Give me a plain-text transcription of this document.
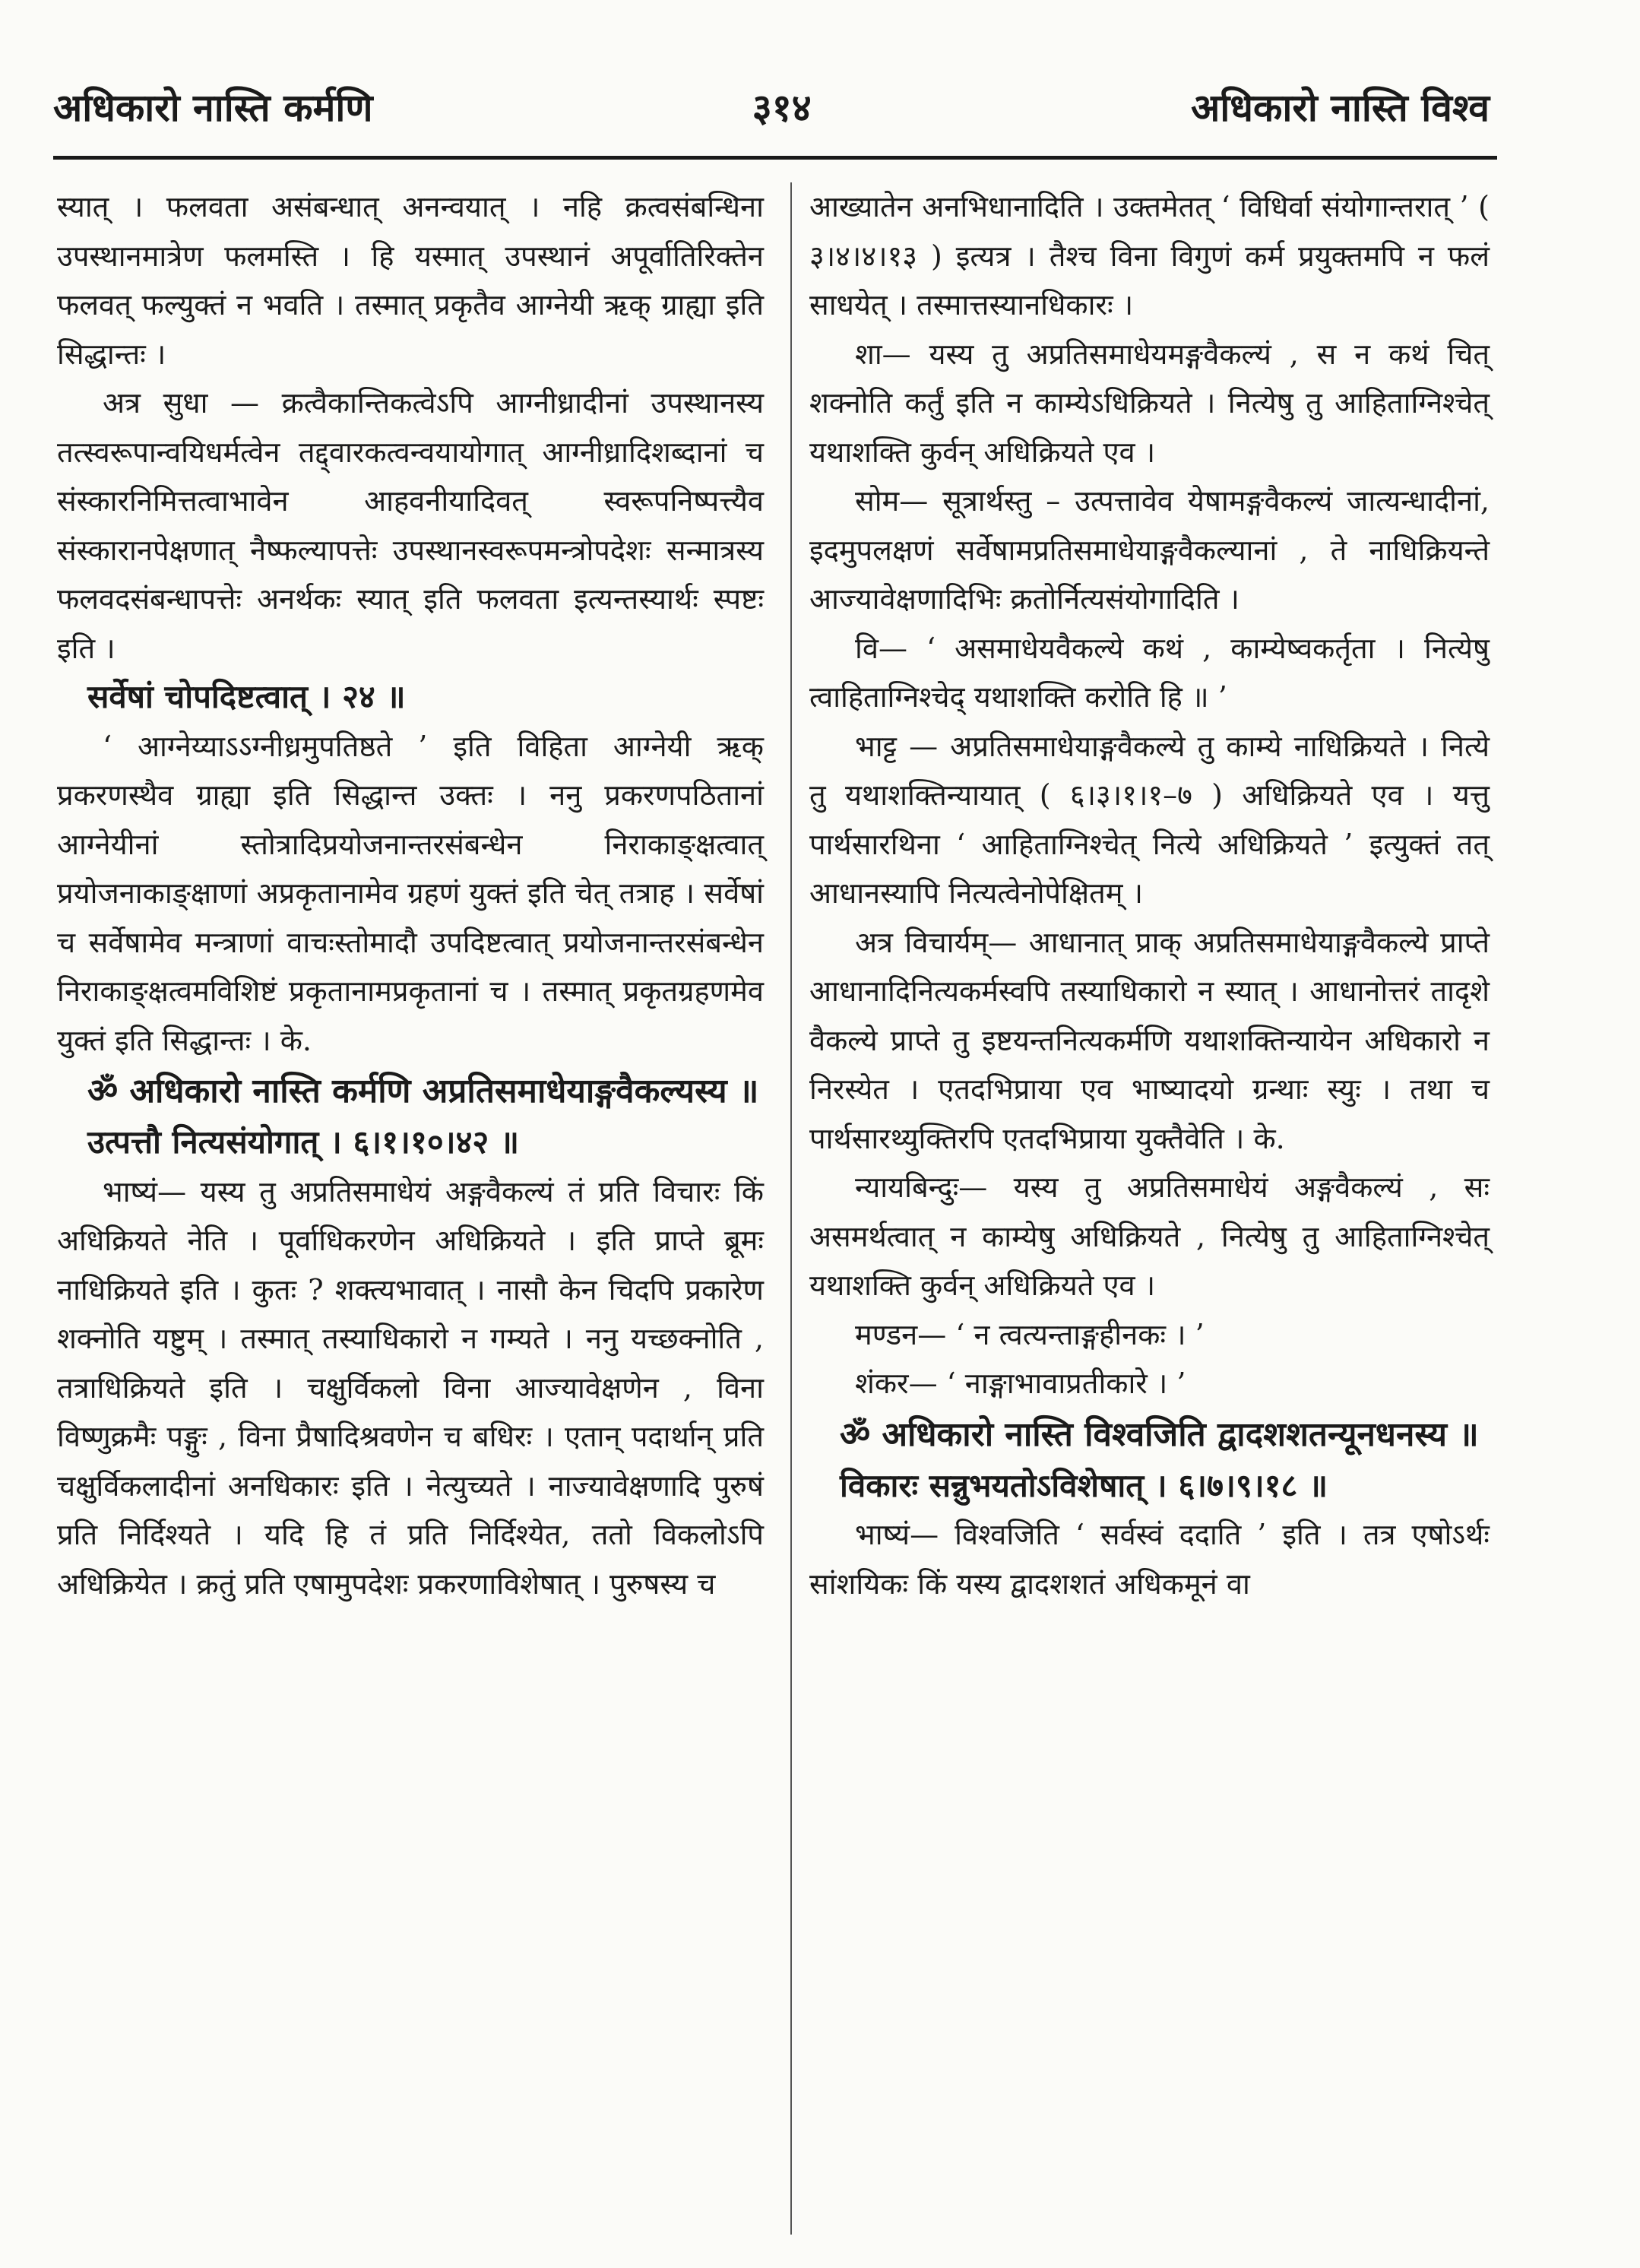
अधिकारो नास्ति कर्मणि	३१४	अधिकारो नास्ति विश्व

स्यात् । फलवता असंबन्धात् अनन्वयात् । नहि क्रत्वसंबन्धिना उपस्थानमात्रेण फलमस्ति । हि यस्मात् उपस्थानं अपूर्वातिरिक्तेन फलवत् फल्युक्तं न भवति । तस्मात् प्रकृतैव आग्नेयी ऋक् ग्राह्या इति सिद्धान्तः ।

अत्र सुधा — क्रत्वैकान्तिकत्वेऽपि आग्नीध्रादीनां उपस्थानस्य तत्स्वरूपान्वयिधर्मत्वेन तद्द्वारकत्वन्वयायोगात् आग्नीध्रादिशब्दानां च संस्कारनिमित्तत्वाभावेन आहवनीयादिवत् स्वरूपनिष्पत्त्यैव संस्कारानपेक्षणात् नैष्फल्यापत्तेः उपस्थानस्वरूपमन्त्रोपदेशः सन्मात्रस्य फलवदसंबन्धापत्तेः अनर्थकः स्यात् इति फलवता इत्यन्तस्यार्थः स्पष्टः इति ।

सर्वेषां चोपदिष्टत्वात् । २४ ॥

‘ आग्नेय्याऽऽग्नीध्रमुपतिष्ठते ’ इति विहिता आग्नेयी ऋक् प्रकरणस्थैव ग्राह्या इति सिद्धान्त उक्तः । ननु प्रकरणपठितानां आग्नेयीनां स्तोत्रादिप्रयोजनान्तरसंबन्धेन निराकाङ्क्षत्वात् प्रयोजनाकाङ्क्षाणां अप्रकृतानामेव ग्रहणं युक्तं इति चेत् तत्राह । सर्वेषां च सर्वेषामेव मन्त्राणां वाचःस्तोमादौ उपदिष्टत्वात् प्रयोजनान्तरसंबन्धेन निराकाङ्क्षत्वमविशिष्टं प्रकृतानामप्रकृतानां च । तस्मात् प्रकृतग्रहणमेव युक्तं इति सिद्धान्तः । के.

ॐ अधिकारो नास्ति कर्मणि अप्रतिसमाधेयाङ्गवैकल्यस्य ॥

उत्पत्तौ नित्यसंयोगात् । ६।१।१०।४२ ॥

भाष्यं— यस्य तु अप्रतिसमाधेयं अङ्गवैकल्यं तं प्रति विचारः किं अधिक्रियते नेति । पूर्वाधिकरणेन अधिक्रियते । इति प्राप्ते ब्रूमः नाधिक्रियते इति । कुतः ? शक्त्यभावात् । नासौ केन चिदपि प्रकारेण शक्नोति यष्टुम् । तस्मात् तस्याधिकारो न गम्यते । ननु यच्छक्नोति , तत्राधिक्रियते इति । चक्षुर्विकलो विना आज्यावेक्षणेन , विना विष्णुक्रमैः पङ्गुः , विना प्रैषादिश्रवणेन च बधिरः । एतान् पदार्थान् प्रति चक्षुर्विकलादीनां अनधिकारः इति । नेत्युच्यते । नाज्यावेक्षणादि पुरुषं प्रति निर्दिश्यते । यदि हि तं प्रति निर्दिश्येत, ततो विकलोऽपि अधिक्रियेत । क्रतुं प्रति एषामुपदेशः प्रकरणाविशेषात् । पुरुषस्य च

आख्यातेन अनभिधानादिति । उक्तमेतत् ‘ विधिर्वा संयोगान्तरात् ’ ( ३।४।४।१३ ) इत्यत्र । तैश्च विना विगुणं कर्म प्रयुक्तमपि न फलं साधयेत् । तस्मात्तस्यानधिकारः ।

शा— यस्य तु अप्रतिसमाधेयमङ्गवैकल्यं , स न कथं चित् शक्नोति कर्तुं इति न काम्येऽधिक्रियते । नित्येषु तु आहिताग्निश्चेत् यथाशक्ति कुर्वन् अधिक्रियते एव ।

सोम— सूत्रार्थस्तु – उत्पत्तावेव येषामङ्गवैकल्यं जात्यन्धादीनां, इदमुपलक्षणं सर्वेषामप्रतिसमाधेयाङ्गवैकल्यानां , ते नाधिक्रियन्ते आज्यावेक्षणादिभिः क्रतोर्नित्यसंयोगादिति ।

वि— ‘ असमाधेयवैकल्ये कथं , काम्येष्वकर्तृता । नित्येषु त्वाहिताग्निश्चेद् यथाशक्ति करोति हि ॥ ’

भाट्ट — अप्रतिसमाधेयाङ्गवैकल्ये तु काम्ये नाधिक्रियते । नित्ये तु यथाशक्तिन्यायात् ( ६।३।१।१–७ ) अधिक्रियते एव । यत्तु पार्थसारथिना ‘ आहिताग्निश्चेत् नित्ये अधिक्रियते ’ इत्युक्तं तत् आधानस्यापि नित्यत्वेनोपेक्षितम् ।

अत्र विचार्यम्— आधानात् प्राक् अप्रतिसमाधेयाङ्गवैकल्ये प्राप्ते आधानादिनित्यकर्मस्वपि तस्याधिकारो न स्यात् । आधानोत्तरं तादृशे वैकल्ये प्राप्ते तु इष्टयन्तनित्यकर्मणि यथाशक्तिन्यायेन अधिकारो न निरस्येत । एतदभिप्राया एव भाष्यादयो ग्रन्थाः स्युः । तथा च पार्थसारथ्युक्तिरपि एतदभिप्राया युक्तैवेति । के.

न्यायबिन्दुः— यस्य तु अप्रतिसमाधेयं अङ्गवैकल्यं , सः असमर्थत्वात् न काम्येषु अधिक्रियते , नित्येषु तु आहिताग्निश्चेत् यथाशक्ति कुर्वन् अधिक्रियते एव ।

मण्डन— ‘ न त्वत्यन्ताङ्गहीनकः । ’

शंकर— ‘ नाङ्गाभावाप्रतीकारे । ’

ॐ अधिकारो नास्ति विश्वजिति द्वादशशतन्यूनधनस्य ॥

विकारः सन्नुभयतोऽविशेषात् । ६।७।९।१८ ॥

भाष्यं— विश्वजिति ‘ सर्वस्वं ददाति ’ इति । तत्र एषोऽर्थः सांशयिकः किं यस्य द्वादशशतं अधिकमूनं वा
